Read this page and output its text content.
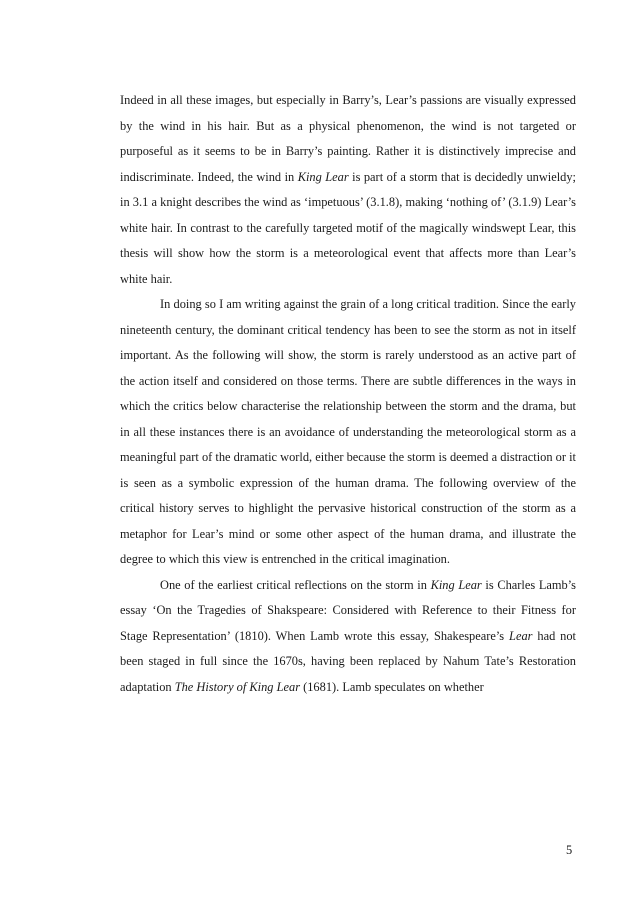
Indeed in all these images, but especially in Barry’s, Lear’s passions are visually expressed by the wind in his hair. But as a physical phenomenon, the wind is not targeted or purposeful as it seems to be in Barry’s painting. Rather it is distinctively imprecise and indiscriminate. Indeed, the wind in King Lear is part of a storm that is decidedly unwieldy; in 3.1 a knight describes the wind as ‘impetuous’ (3.1.8), making ‘nothing of’ (3.1.9) Lear’s white hair. In contrast to the carefully targeted motif of the magically windswept Lear, this thesis will show how the storm is a meteorological event that affects more than Lear’s white hair.

In doing so I am writing against the grain of a long critical tradition. Since the early nineteenth century, the dominant critical tendency has been to see the storm as not in itself important. As the following will show, the storm is rarely understood as an active part of the action itself and considered on those terms. There are subtle differences in the ways in which the critics below characterise the relationship between the storm and the drama, but in all these instances there is an avoidance of understanding the meteorological storm as a meaningful part of the dramatic world, either because the storm is deemed a distraction or it is seen as a symbolic expression of the human drama. The following overview of the critical history serves to highlight the pervasive historical construction of the storm as a metaphor for Lear’s mind or some other aspect of the human drama, and illustrate the degree to which this view is entrenched in the critical imagination.

One of the earliest critical reflections on the storm in King Lear is Charles Lamb’s essay ‘On the Tragedies of Shakspeare: Considered with Reference to their Fitness for Stage Representation’ (1810). When Lamb wrote this essay, Shakespeare’s Lear had not been staged in full since the 1670s, having been replaced by Nahum Tate’s Restoration adaptation The History of King Lear (1681). Lamb speculates on whether

5
